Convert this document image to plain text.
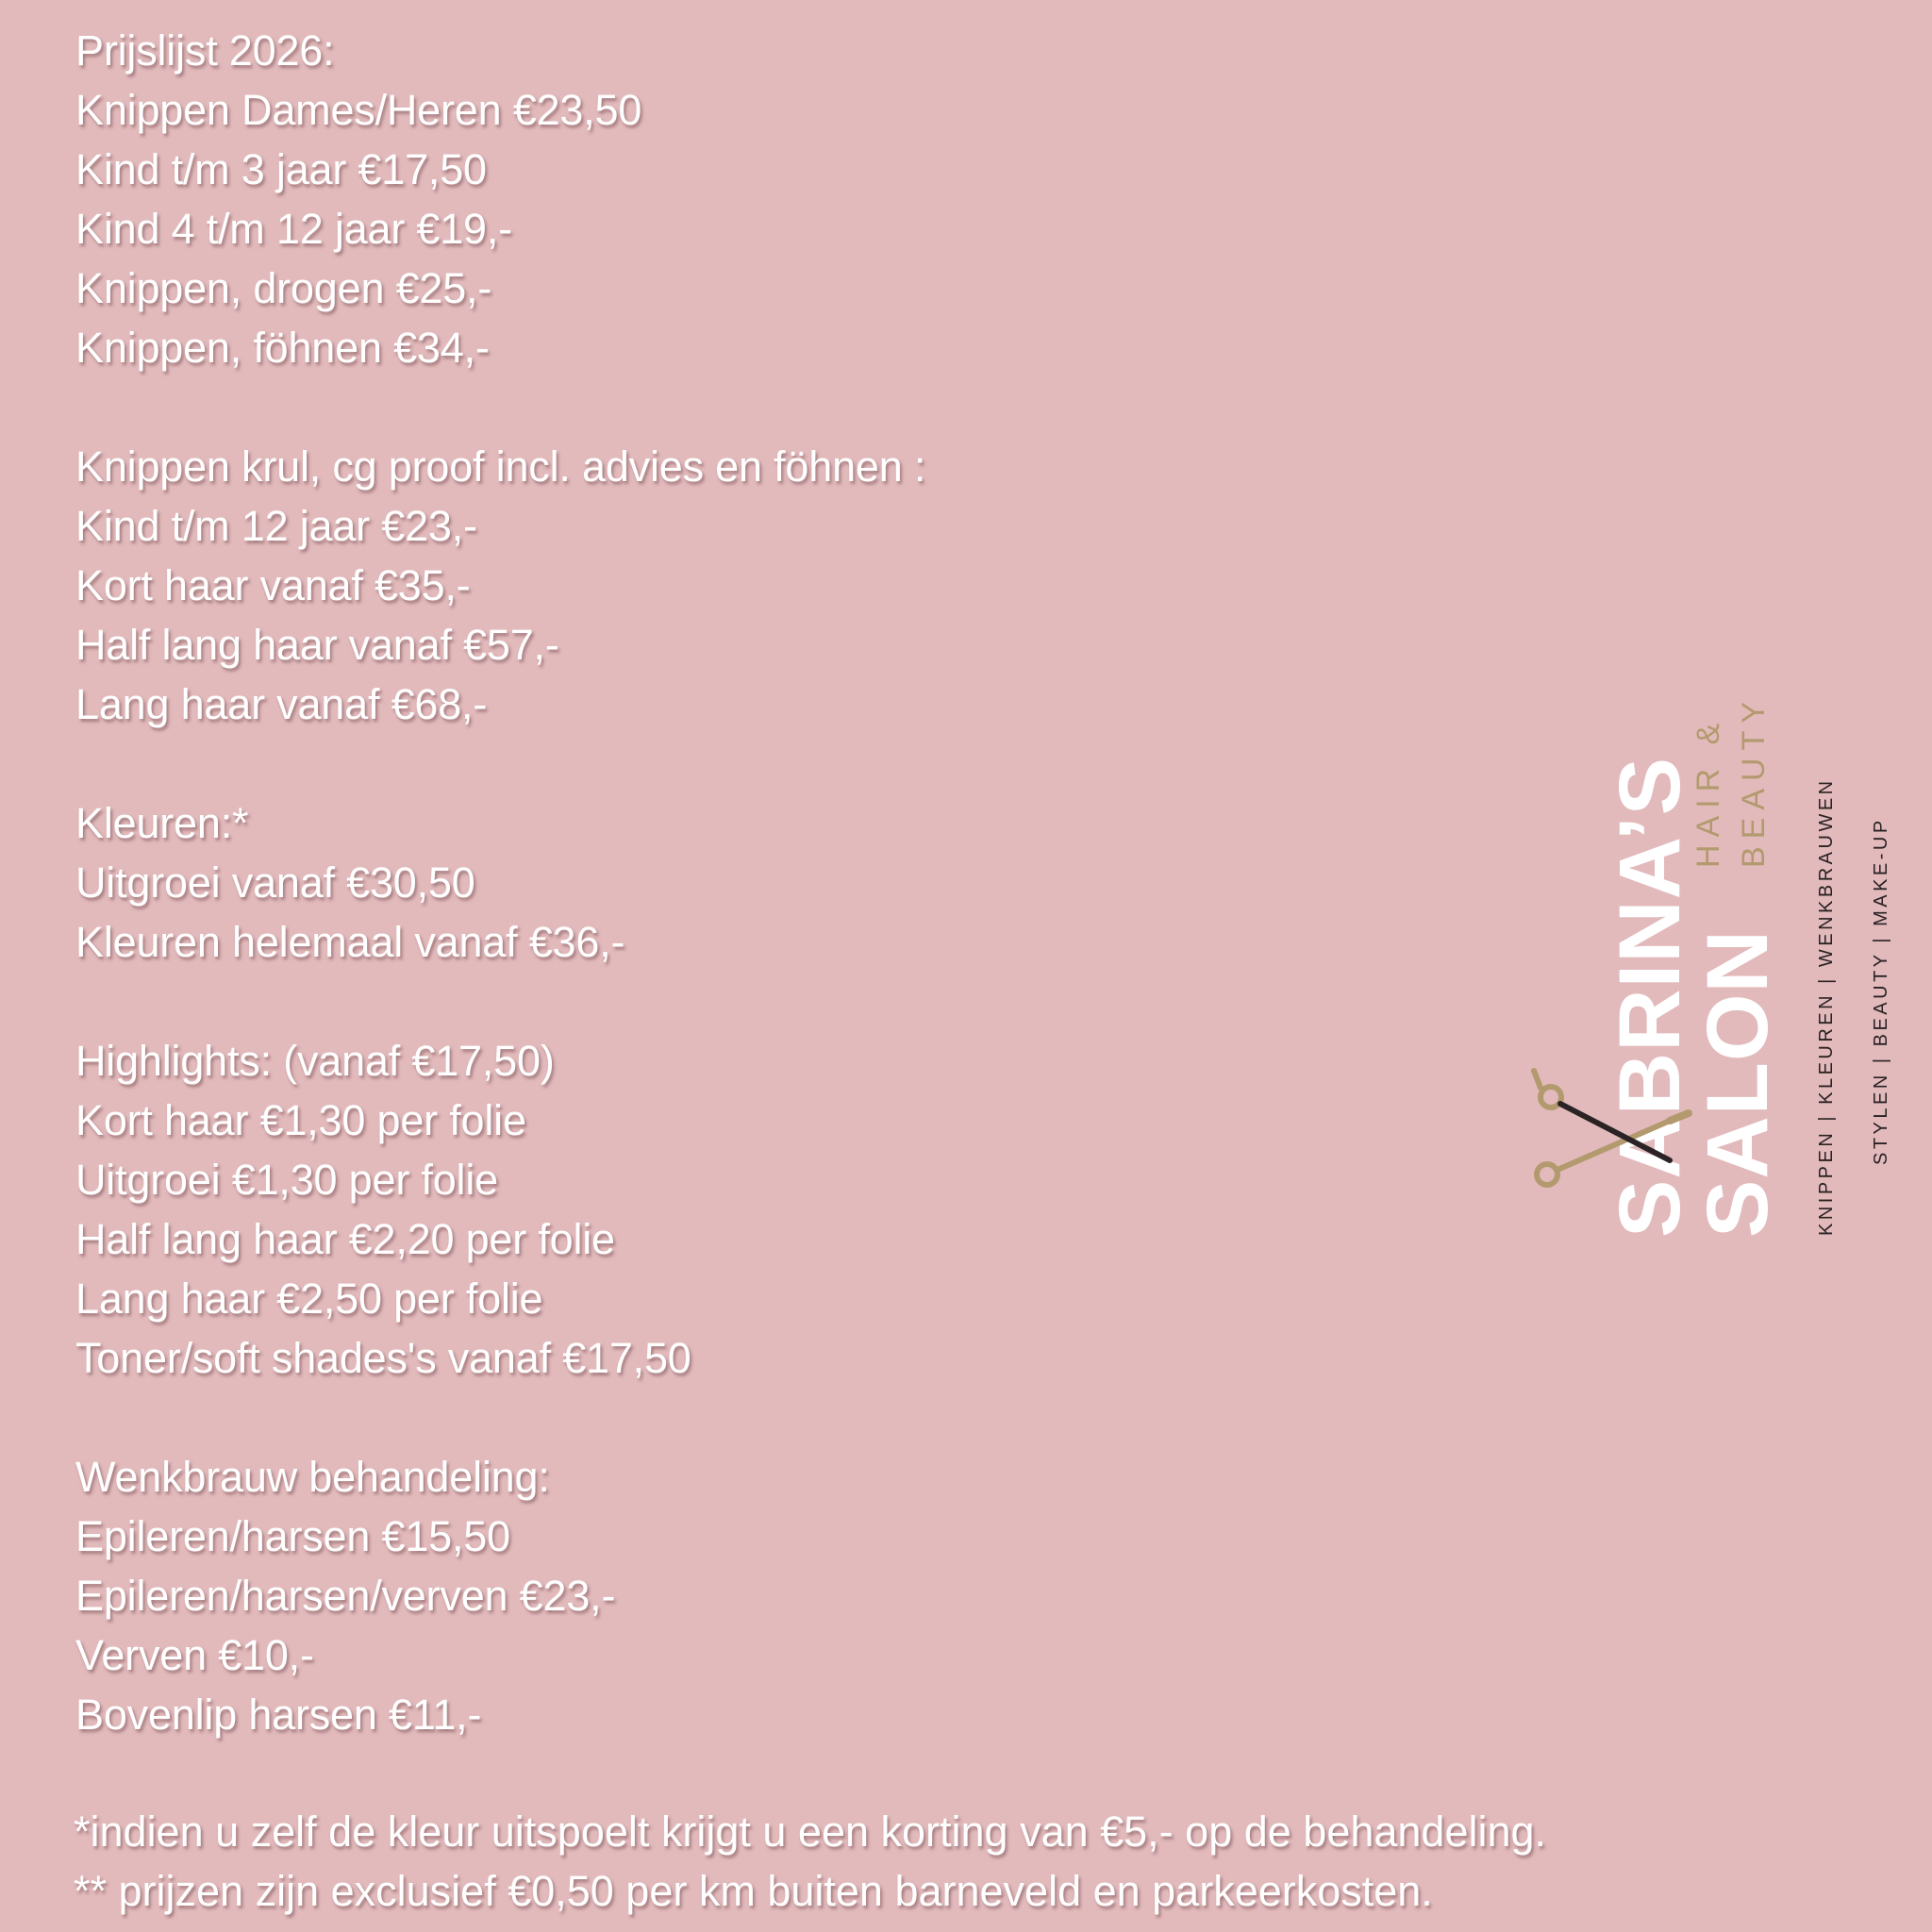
Prijslijst 2026:
Knippen Dames/Heren €23,50
Kind t/m 3 jaar €17,50
Kind 4 t/m 12 jaar €19,-
Knippen, drogen €25,-
Knippen, föhnen €34,-
Knippen krul, cg proof incl. advies en föhnen :
Kind t/m 12 jaar €23,-
Kort haar vanaf €35,-
Half lang haar vanaf €57,-
Lang haar vanaf €68,-
Kleuren:*
Uitgroei vanaf €30,50
Kleuren helemaal vanaf €36,-
Highlights: (vanaf €17,50)
Kort haar €1,30 per folie
Uitgroei €1,30 per folie
Half lang haar €2,20 per folie
Lang haar €2,50 per folie
Toner/soft shades's vanaf €17,50
Wenkbrauw behandeling:
Epileren/harsen €15,50
Epileren/harsen/verven €23,-
Verven €10,-
Bovenlip harsen €11,-
*indien u zelf de kleur uitspoelt krijgt u een korting van €5,- op de behandeling.
** prijzen zijn exclusief €0,50 per km buiten barneveld en parkeerkosten.
SABRINA’S
SALON
HAIR & BEAUTY KNIPPEN | KLEUREN | WENKBRAUWEN STYLEN | BEAUTY | MAKE-UP
